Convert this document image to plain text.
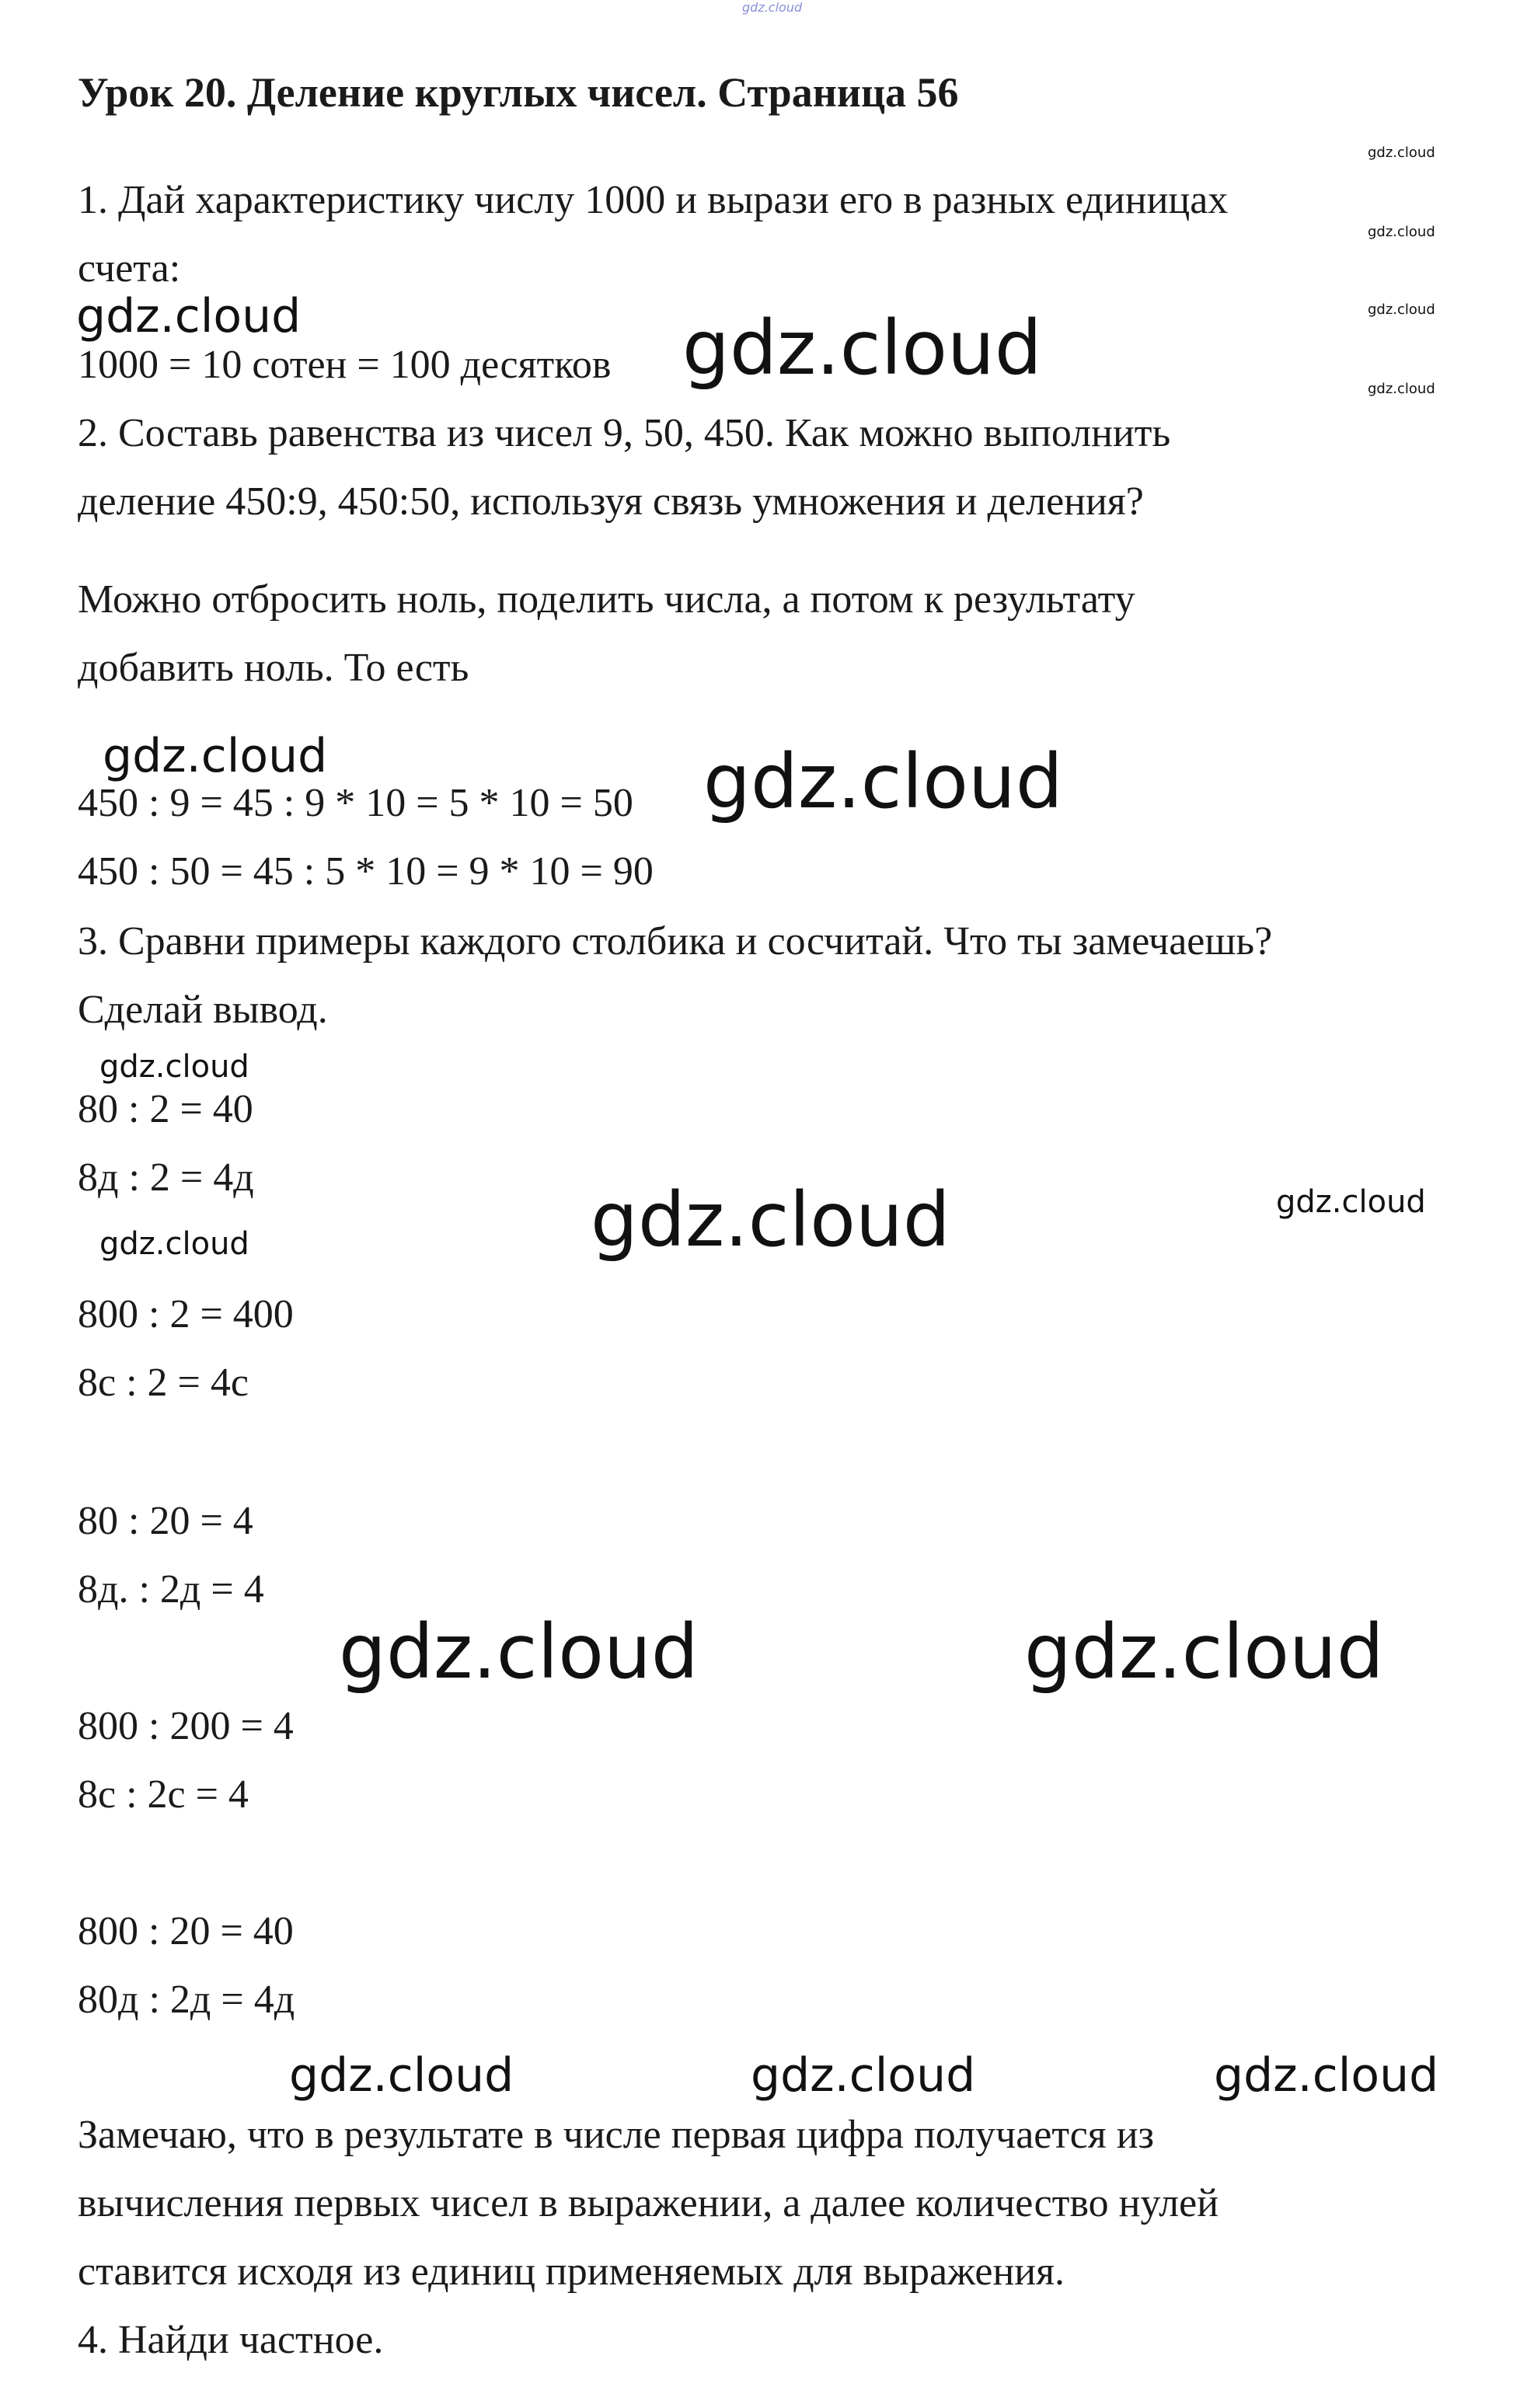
gdz.cloud
Урок 20. Деление круглых чисел. Страница 56
gdz.cloud
gdz.cloud
gdz.cloud
gdz.cloud
1. Дай характеристику числу 1000 и вырази его в разных единицах
счета:
gdz.cloud	gdz.cloud
1000 = 10 сотен = 100 десятков
2. Составь равенства из чисел 9, 50, 450. Как можно выполнить
деление 450:9, 450:50, используя связь умножения и деления?
Можно отбросить ноль, поделить числа, а потом к результату
добавить ноль. То есть
gdz.cloud	gdz.cloud
450 : 9 = 45 : 9 * 10 = 5 * 10 = 50
450 : 50 = 45 : 5 * 10 = 9 * 10 = 90
3. Сравни примеры каждого столбика и сосчитай. Что ты замечаешь?
Сделай вывод.
gdz.cloud
80 : 2 = 40
8д : 2 = 4д	gdz.cloud	gdz.cloud
gdz.cloud
800 : 2 = 400
8с : 2 = 4с
80 : 20 = 4
8д. : 2д = 4
gdz.cloud	gdz.cloud
800 : 200 = 4
8с : 2с = 4
800 : 20 = 40
80д : 2д = 4д
gdz.cloud	gdz.cloud	gdz.cloud
Замечаю, что в результате в числе первая цифра получается из
вычисления первых чисел в выражении, а далее количество нулей
ставится исходя из единиц применяемых для выражения.
4. Найди частное.
